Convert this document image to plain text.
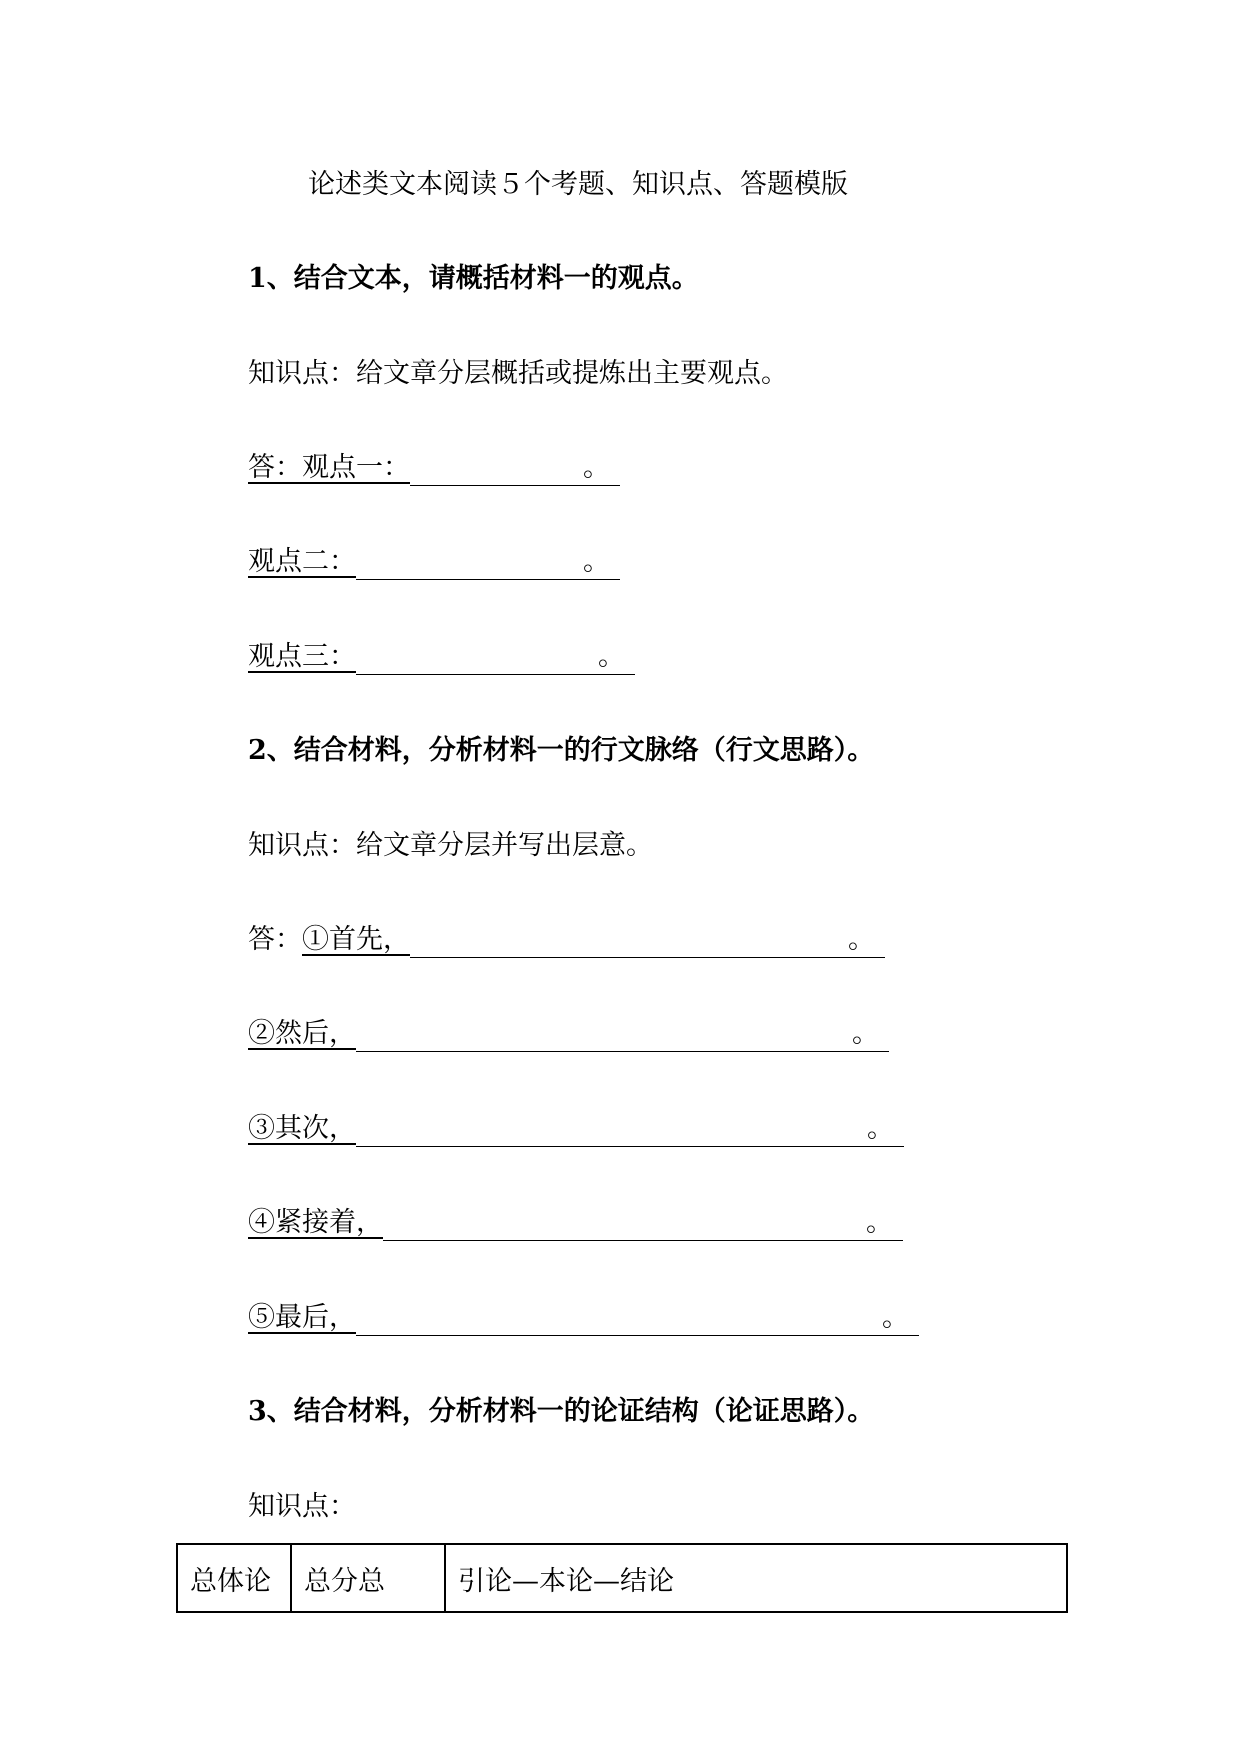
论述类文本阅读５个考题、知识点、答题模版
1、结合文本，请概括材料一的观点。
知识点：给文章分层概括或提炼出主要观点。
答：观点一：	。
观点二：	。
观点三：	。
2、结合材料，分析材料一的行文脉络（行文思路）。
知识点：给文章分层并写出层意。
答：①首先，	。
②然后，	。
③其次，	。
④紧接着，	。
⑤最后，	。
3、结合材料，分析材料一的论证结构（论证思路）。
知识点：
总体论	总分总	引论—本论—结论
